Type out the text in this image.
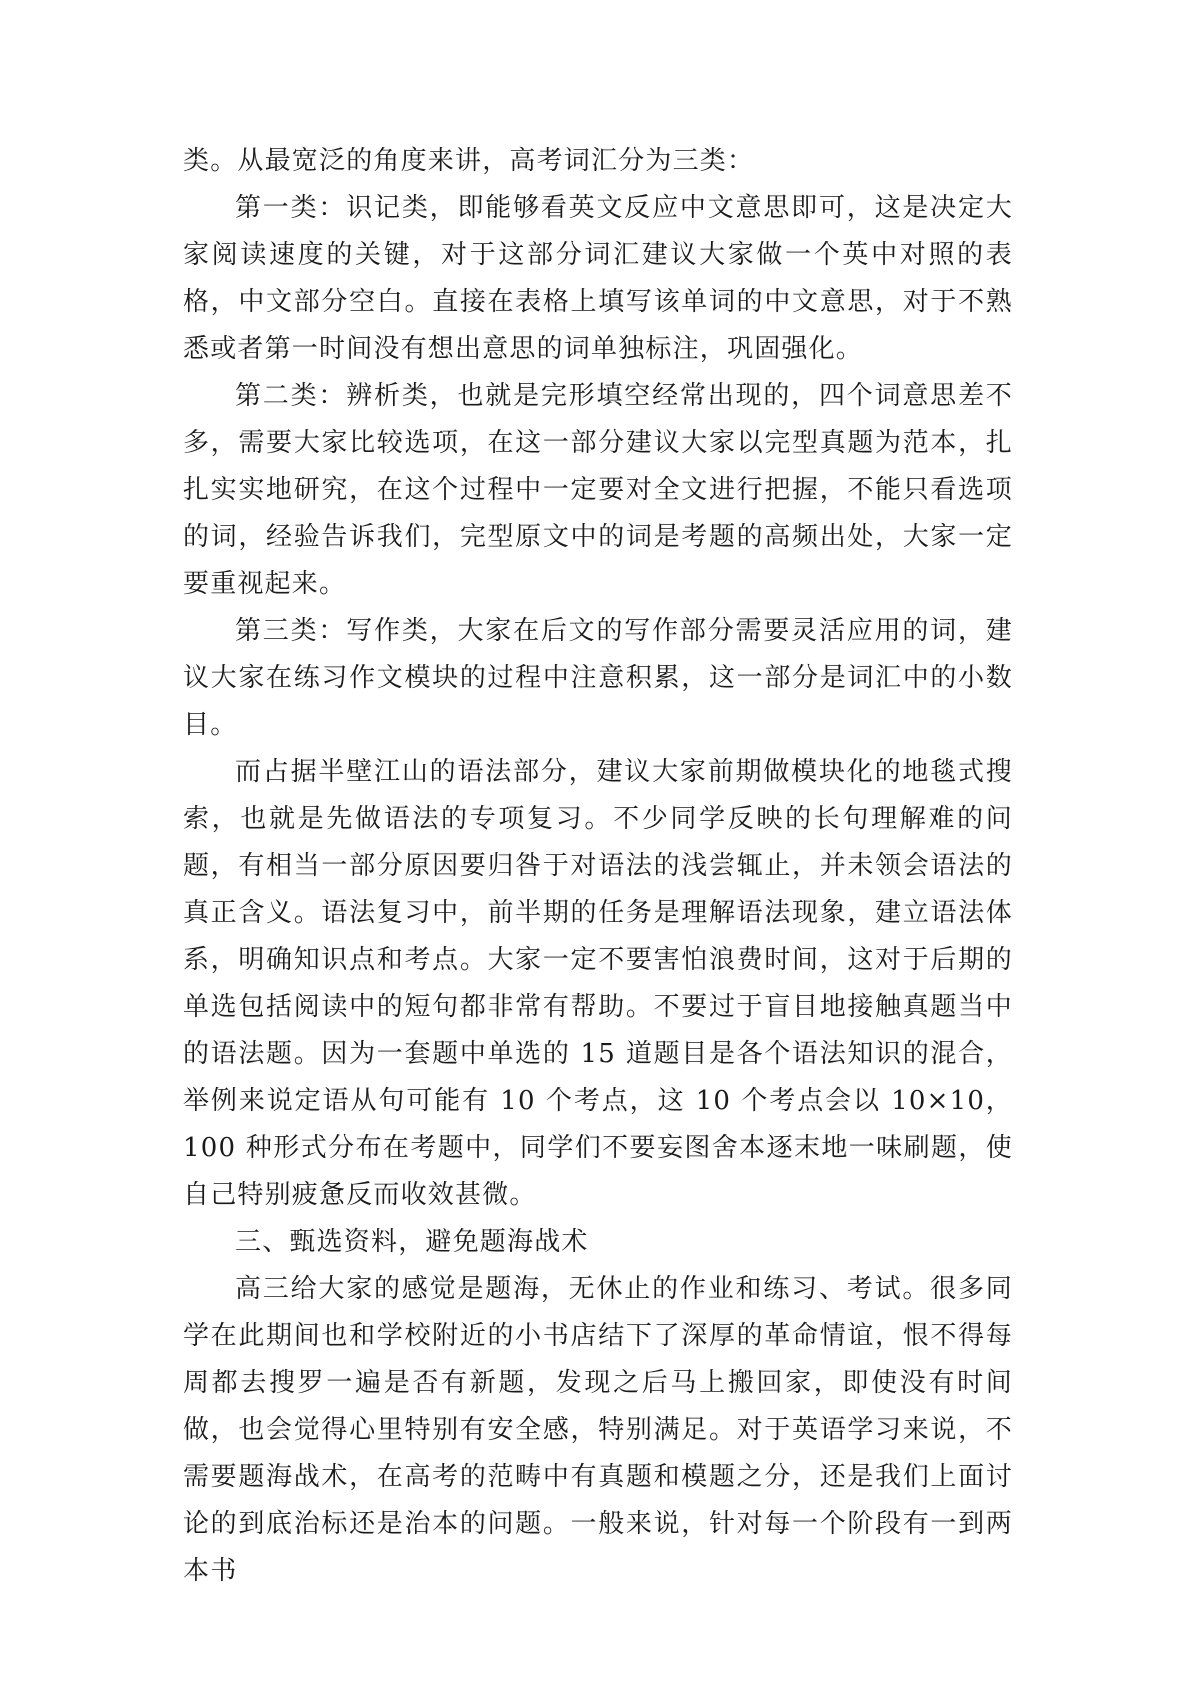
类。从最宽泛的角度来讲，高考词汇分为三类：

第一类：识记类，即能够看英文反应中文意思即可，这是决定大家阅读速度的关键，对于这部分词汇建议大家做一个英中对照的表格，中文部分空白。直接在表格上填写该单词的中文意思，对于不熟悉或者第一时间没有想出意思的词单独标注，巩固强化。

第二类：辨析类，也就是完形填空经常出现的，四个词意思差不多，需要大家比较选项，在这一部分建议大家以完型真题为范本，扎扎实实地研究，在这个过程中一定要对全文进行把握，不能只看选项的词，经验告诉我们，完型原文中的词是考题的高频出处，大家一定要重视起来。

第三类：写作类，大家在后文的写作部分需要灵活应用的词，建议大家在练习作文模块的过程中注意积累，这一部分是词汇中的小数目。

而占据半壁江山的语法部分，建议大家前期做模块化的地毯式搜索，也就是先做语法的专项复习。不少同学反映的长句理解难的问题，有相当一部分原因要归咎于对语法的浅尝辄止，并未领会语法的真正含义。语法复习中，前半期的任务是理解语法现象，建立语法体系，明确知识点和考点。大家一定不要害怕浪费时间，这对于后期的单选包括阅读中的短句都非常有帮助。不要过于盲目地接触真题当中的语法题。因为一套题中单选的 15 道题目是各个语法知识的混合，举例来说定语从句可能有 10 个考点，这 10 个考点会以 10×10，100 种形式分布在考题中，同学们不要妄图舍本逐末地一味刷题，使自己特别疲惫反而收效甚微。

三、甄选资料，避免题海战术

高三给大家的感觉是题海，无休止的作业和练习、考试。很多同学在此期间也和学校附近的小书店结下了深厚的革命情谊，恨不得每周都去搜罗一遍是否有新题，发现之后马上搬回家，即使没有时间做，也会觉得心里特别有安全感，特别满足。对于英语学习来说，不需要题海战术，在高考的范畴中有真题和模题之分，还是我们上面讨论的到底治标还是治本的问题。一般来说，针对每一个阶段有一到两本书
